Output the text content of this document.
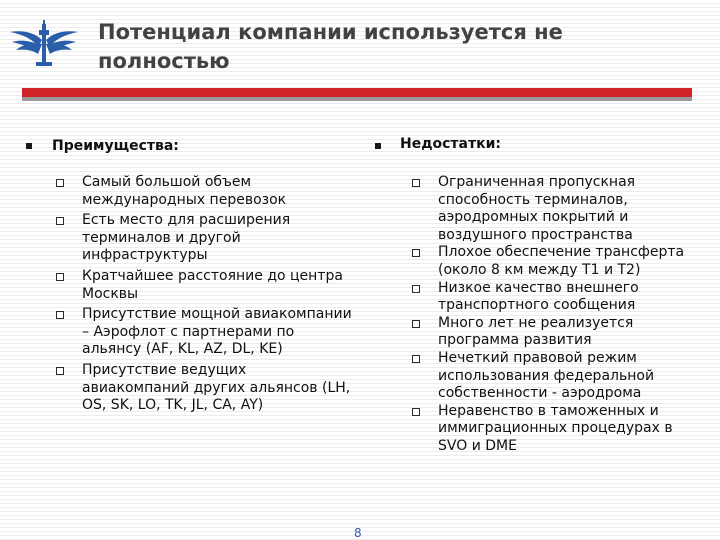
Потенциал компании используется не полностью
Преимущества:
Самый большой объем международных перевозок
Есть место для расширения терминалов и другой инфраструктуры
Кратчайшее расстояние до центра Москвы
Присутствие мощной авиакомпании – Аэрофлот с партнерами по альянсу (AF, KL, AZ, DL, KE)
Присутствие ведущих авиакомпаний других альянсов (LH, OS, SK, LO, TK, JL, CA, AY)
Недостатки:
Ограниченная пропускная способность терминалов, аэродромных покрытий и воздушного пространства
Плохое обеспечение трансферта (около 8 км между T1 и T2)
Низкое качество внешнего транспортного сообщения
Много лет не реализуется программа развития
Нечеткий правовой режим использования федеральной собственности - аэродрома
Неравенство в таможенных и иммиграционных процедурах в SVO и DME
8
